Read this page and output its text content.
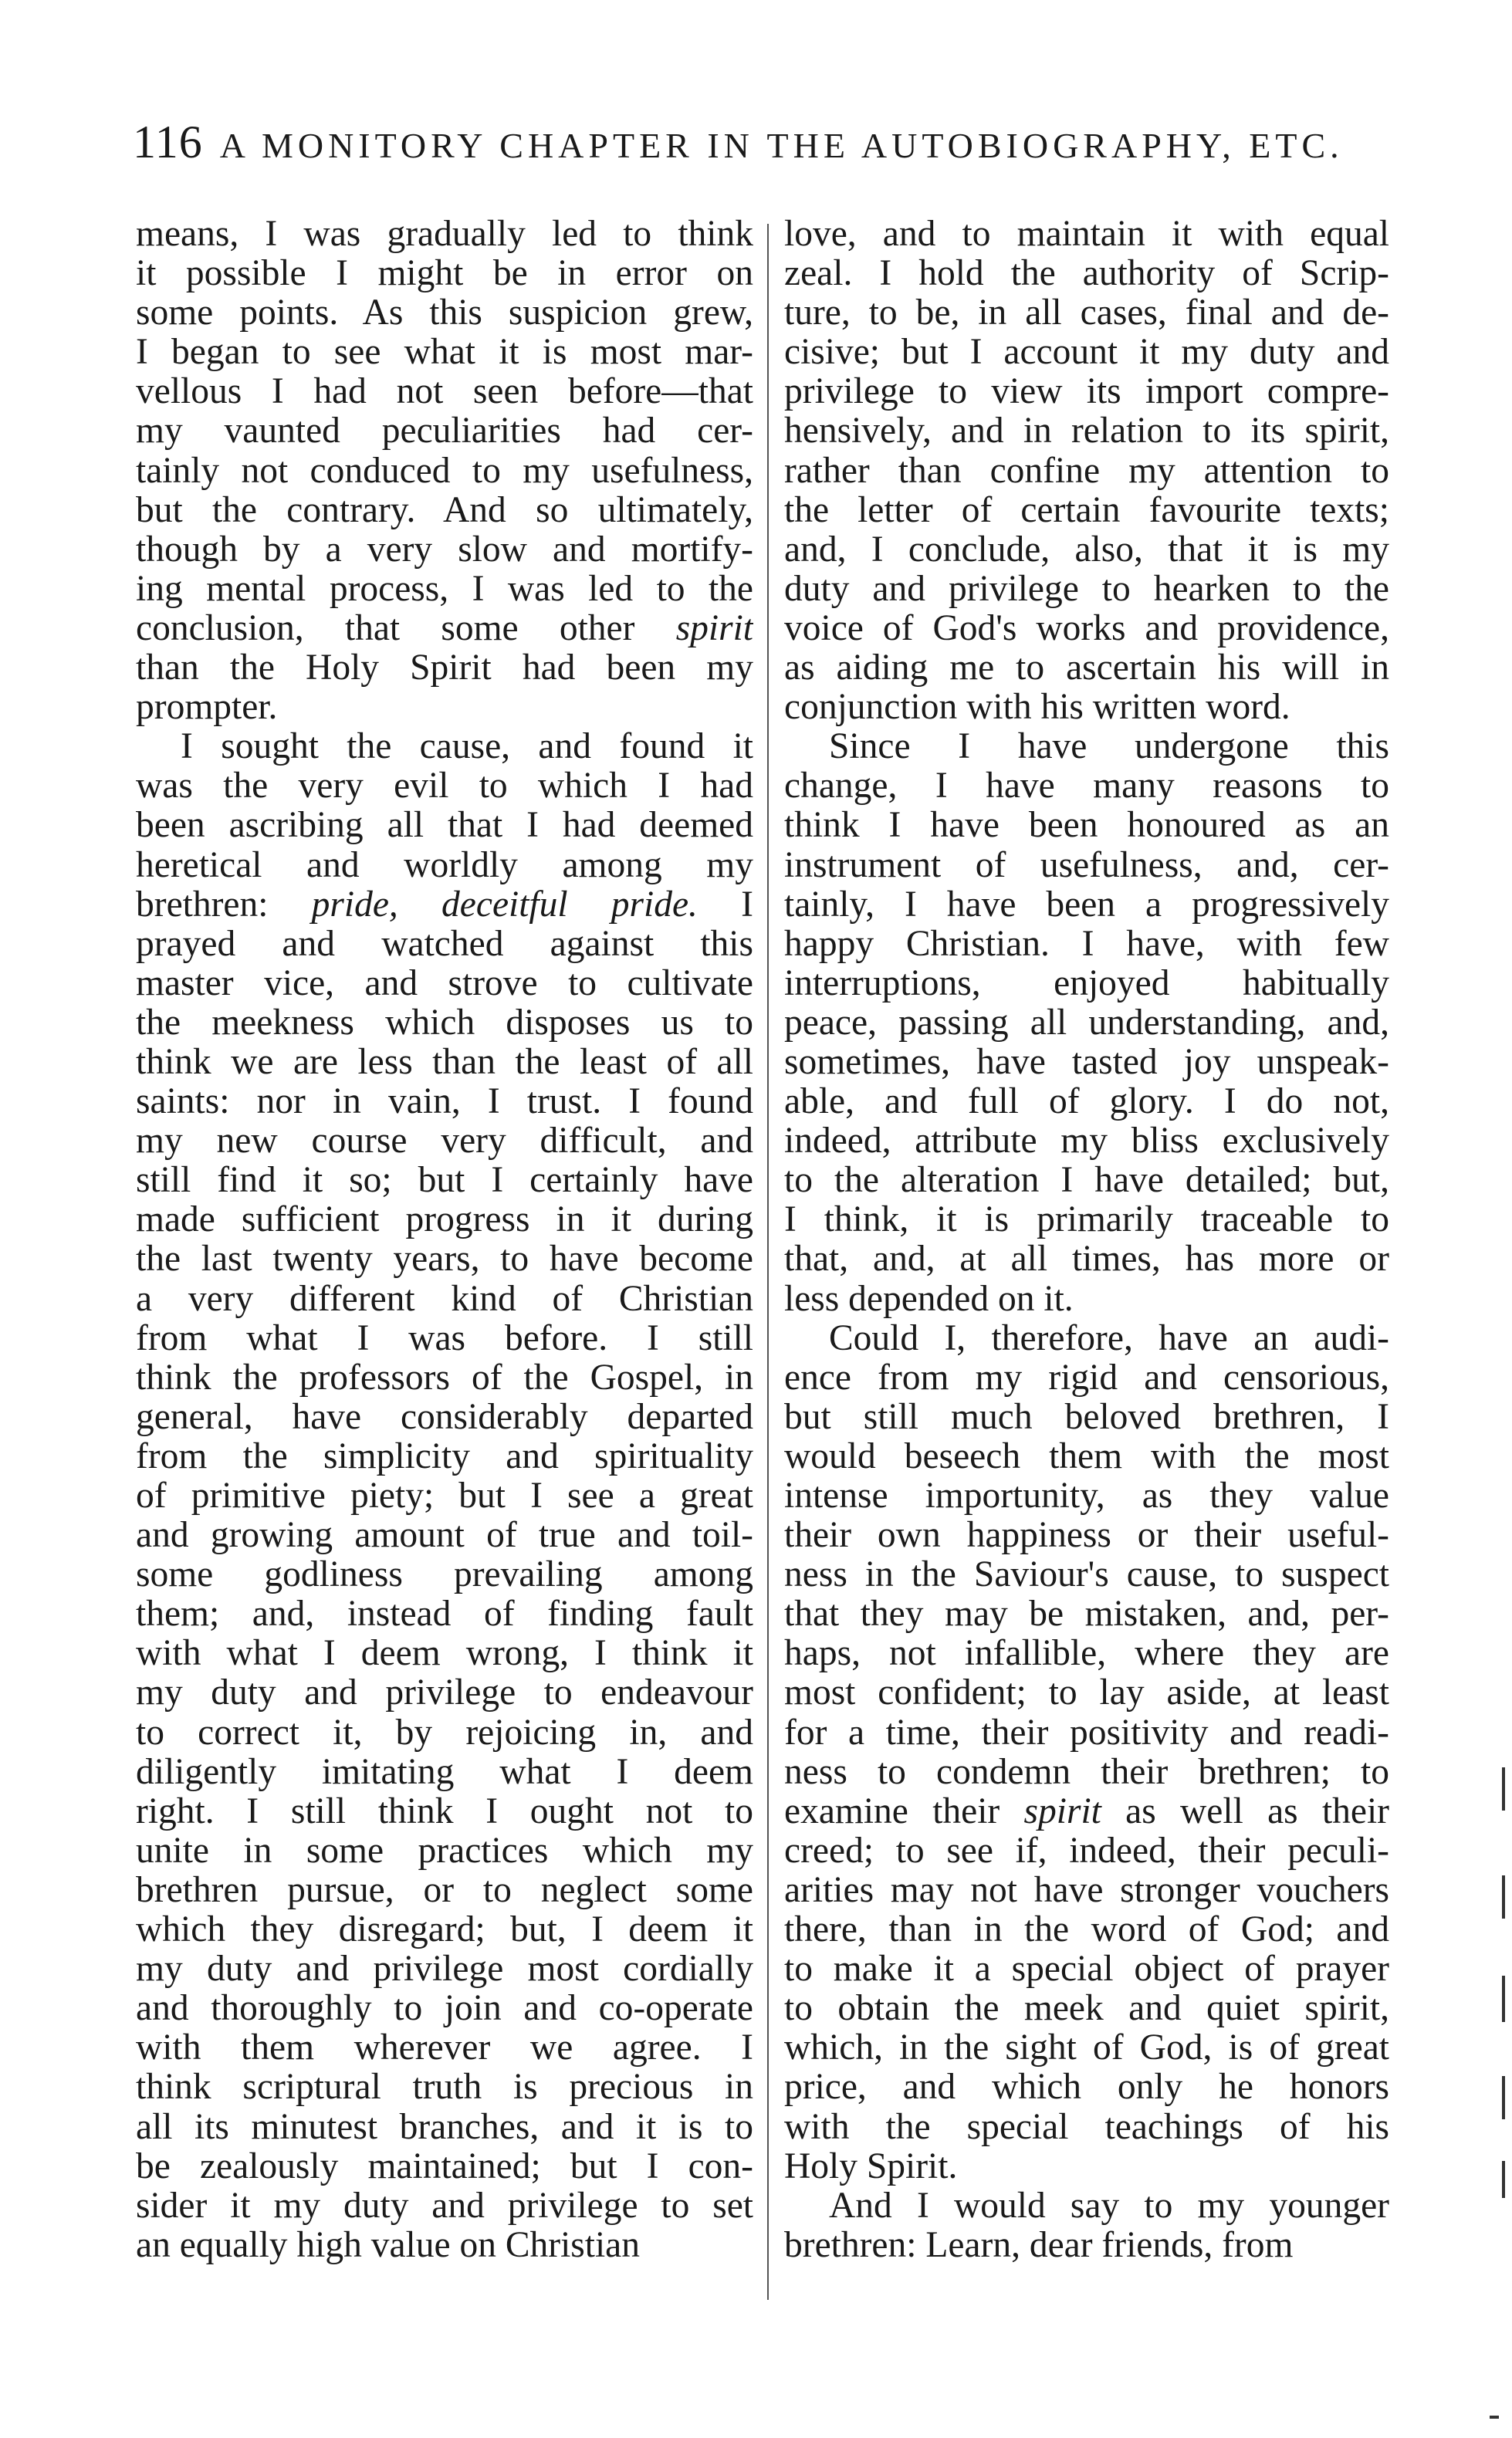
116 A MONITORY CHAPTER IN THE AUTOBIOGRAPHY, ETC.
means, I was gradually led to think
it possible I might be in error on
some points. As this suspicion grew,
I began to see what it is most mar-
vellous I had not seen before—that
my vaunted peculiarities had cer-
tainly not conduced to my usefulness,
but the contrary. And so ultimately,
though by a very slow and mortify-
ing mental process, I was led to the
conclusion, that some other spirit
than the Holy Spirit had been my
prompter.
I sought the cause, and found it
was the very evil to which I had
been ascribing all that I had deemed
heretical and worldly among my
brethren: pride, deceitful pride. I
prayed and watched against this
master vice, and strove to cultivate
the meekness which disposes us to
think we are less than the least of all
saints: nor in vain, I trust. I found
my new course very difficult, and
still find it so; but I certainly have
made sufficient progress in it during
the last twenty years, to have become
a very different kind of Christian
from what I was before. I still
think the professors of the Gospel, in
general, have considerably departed
from the simplicity and spirituality
of primitive piety; but I see a great
and growing amount of true and toil-
some godliness prevailing among
them; and, instead of finding fault
with what I deem wrong, I think it
my duty and privilege to endeavour
to correct it, by rejoicing in, and
diligently imitating what I deem
right. I still think I ought not to
unite in some practices which my
brethren pursue, or to neglect some
which they disregard; but, I deem it
my duty and privilege most cordially
and thoroughly to join and co-operate
with them wherever we agree. I
think scriptural truth is precious in
all its minutest branches, and it is to
be zealously maintained; but I con-
sider it my duty and privilege to set
an equally high value on Christian
love, and to maintain it with equal
zeal. I hold the authority of Scrip-
ture, to be, in all cases, final and de-
cisive; but I account it my duty and
privilege to view its import compre-
hensively, and in relation to its spirit,
rather than confine my attention to
the letter of certain favourite texts;
and, I conclude, also, that it is my
duty and privilege to hearken to the
voice of God's works and providence,
as aiding me to ascertain his will in
conjunction with his written word.
Since I have undergone this
change, I have many reasons to
think I have been honoured as an
instrument of usefulness, and, cer-
tainly, I have been a progressively
happy Christian. I have, with few
interruptions, enjoyed habitually
peace, passing all understanding, and,
sometimes, have tasted joy unspeak-
able, and full of glory. I do not,
indeed, attribute my bliss exclusively
to the alteration I have detailed; but,
I think, it is primarily traceable to
that, and, at all times, has more or
less depended on it.
Could I, therefore, have an audi-
ence from my rigid and censorious,
but still much beloved brethren, I
would beseech them with the most
intense importunity, as they value
their own happiness or their useful-
ness in the Saviour's cause, to suspect
that they may be mistaken, and, per-
haps, not infallible, where they are
most confident; to lay aside, at least
for a time, their positivity and readi-
ness to condemn their brethren; to
examine their spirit as well as their
creed; to see if, indeed, their peculi-
arities may not have stronger vouchers
there, than in the word of God; and
to make it a special object of prayer
to obtain the meek and quiet spirit,
which, in the sight of God, is of great
price, and which only he honors
with the special teachings of his
Holy Spirit.
And I would say to my younger
brethren: Learn, dear friends, from
